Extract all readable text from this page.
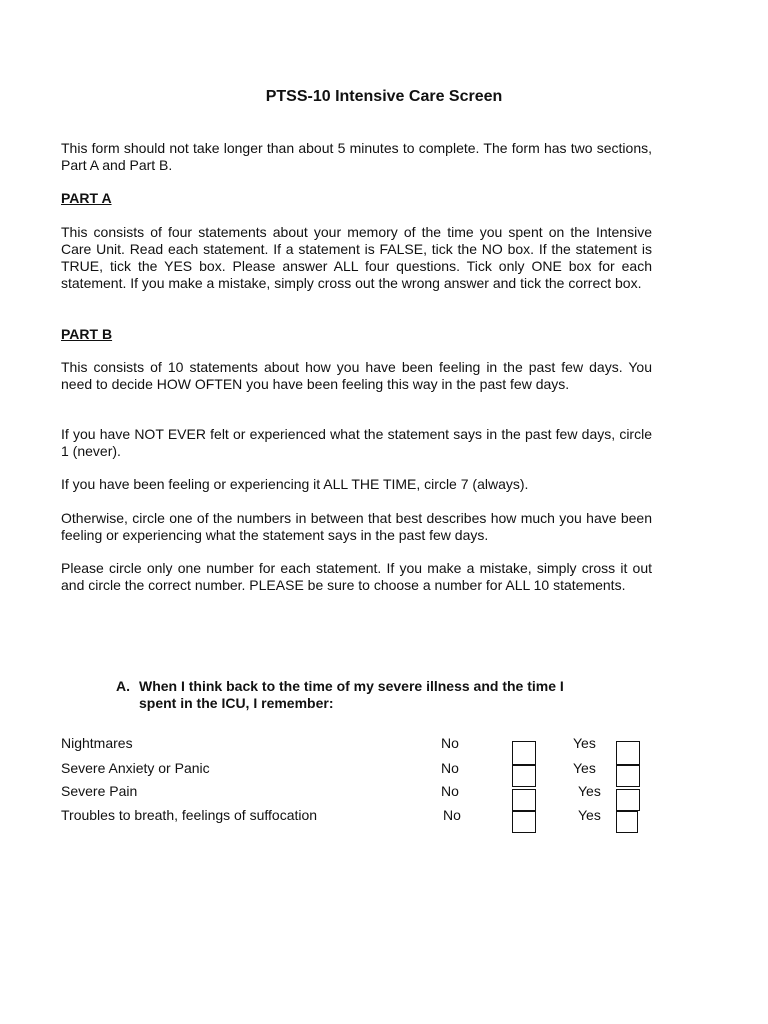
PTSS-10 Intensive Care Screen
This form should not take longer than about 5 minutes to complete. The form has two sections, Part A and Part B.
PART A
This consists of four statements about your memory of the time you spent on the Intensive Care Unit. Read each statement. If a statement is FALSE, tick the NO box. If the statement is TRUE, tick the YES box. Please answer ALL four questions. Tick only ONE box for each statement. If you make a mistake, simply cross out the wrong answer and tick the correct box.
PART B
This consists of 10 statements about how you have been feeling in the past few days. You need to decide HOW OFTEN you have been feeling this way in the past few days.
If you have NOT EVER felt or experienced what the statement says in the past few days, circle 1 (never).
If you have been feeling or experiencing it ALL THE TIME, circle 7 (always).
Otherwise, circle one of the numbers in between that best describes how much you have been feeling or experiencing what the statement says in the past few days.
Please circle only one number for each statement. If you make a mistake, simply cross it out and circle the correct number. PLEASE be sure to choose a number for ALL 10 statements.
A. When I think back to the time of my severe illness and the time I
spent in the ICU, I remember:
Nightmares	No	Yes
Severe Anxiety or Panic	No	Yes
Severe Pain	No	Yes
Troubles to breath, feelings of suffocation	No	Yes
